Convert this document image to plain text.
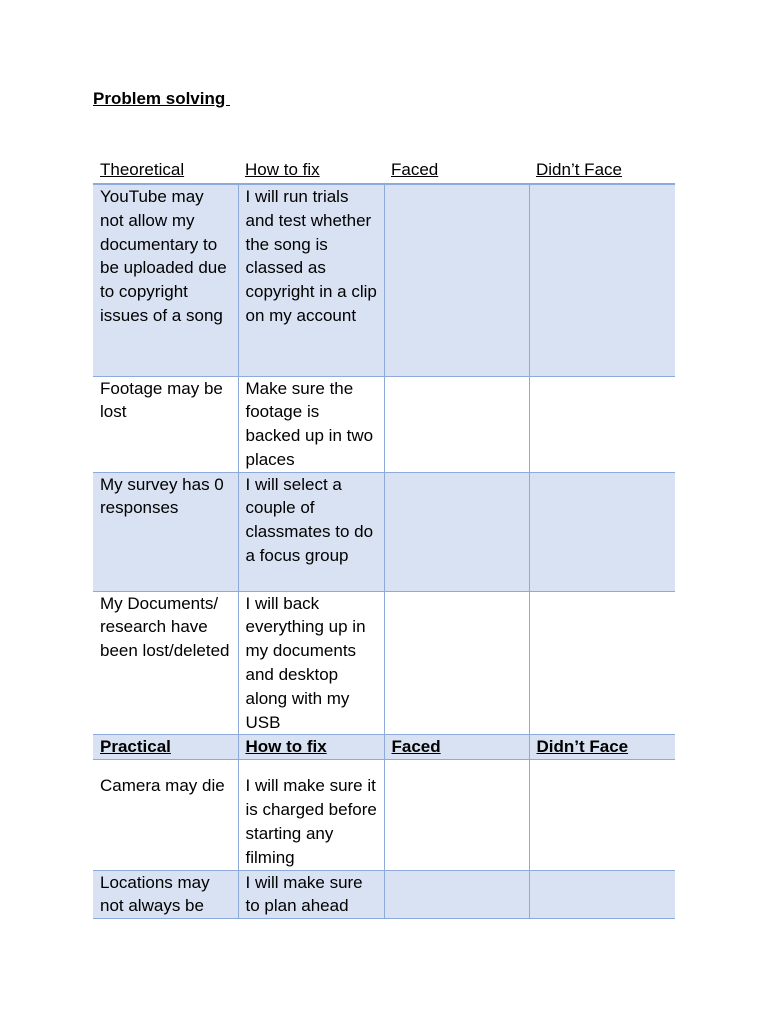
Problem solving
Theoretical	How to fix	Faced	Didn’t Face
YouTube may not allow my documentary to be uploaded due to copyright issues of a song	I will run trials and test whether the song is classed as copyright in a clip on my account		
Footage may be lost	Make sure the footage is backed up in two places		
My survey has 0 responses	I will select a couple of classmates to do a focus group		
My Documents/ research have been lost/deleted	I will back everything up in my documents and desktop along with my USB		
Practical	How to fix	Faced	Didn’t Face
Camera may die	I will make sure it is charged before starting any filming		
Locations may not always be	I will make sure to plan ahead		
